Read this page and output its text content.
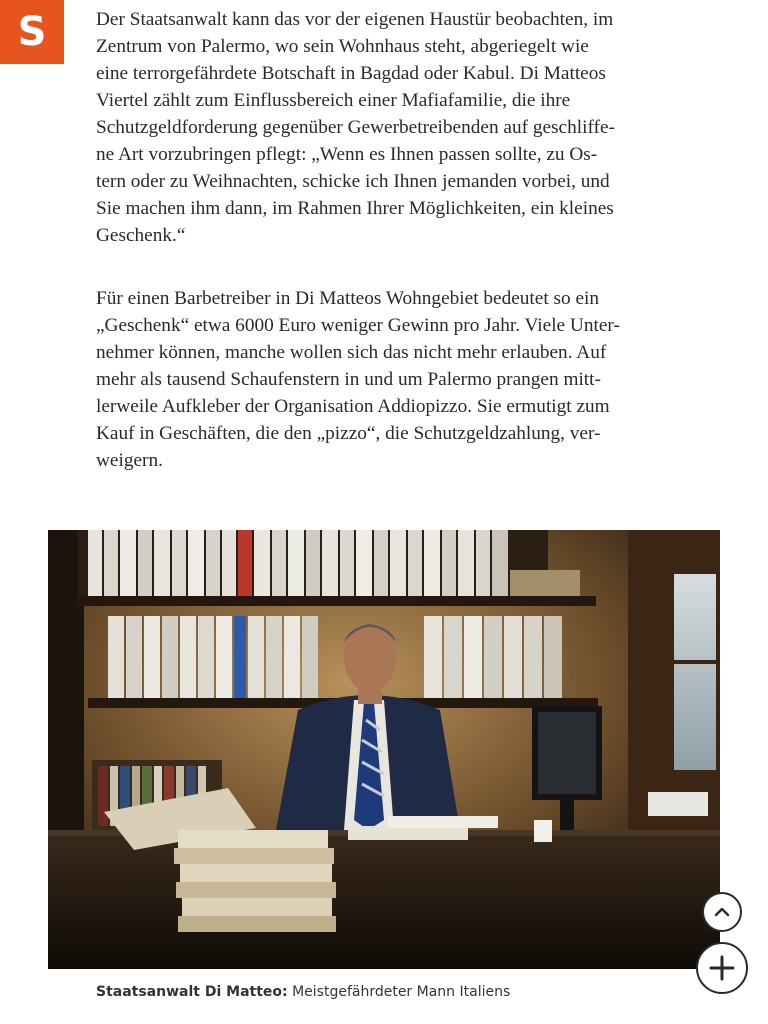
S	Der Staatsanwalt kann das vor der eigenen Haustür beobachten, im
Zentrum von Palermo, wo sein Wohnhaus steht, abgeriegelt wie
eine terrorgefährdete Botschaft in Bagdad oder Kabul. Di Matteos
Viertel zählt zum Einflussbereich einer Mafiafamilie, die ihre
Schutzgeldforderung gegenüber Gewerbetreibenden auf geschliffe-
ne Art vorzubringen pflegt: „Wenn es Ihnen passen sollte, zu Os-
tern oder zu Weihnachten, schicke ich Ihnen jemanden vorbei, und
Sie machen ihm dann, im Rahmen Ihrer Möglichkeiten, ein kleines
Geschenk.“

Für einen Barbetreiber in Di Matteos Wohngebiet bedeutet so ein
„Geschenk“ etwa 6000 Euro weniger Gewinn pro Jahr. Viele Unter-
nehmer können, manche wollen sich das nicht mehr erlauben. Auf
mehr als tausend Schaufenstern in und um Palermo prangen mitt-
lerweile Aufkleber der Organisation Addiopizzo. Sie ermutigt zum
Kauf in Geschäften, die den „pizzo“, die Schutzgeldzahlung, ver-
weigern.

Staatsanwalt Di Matteo: Meistgefährdeter Mann Italiens
